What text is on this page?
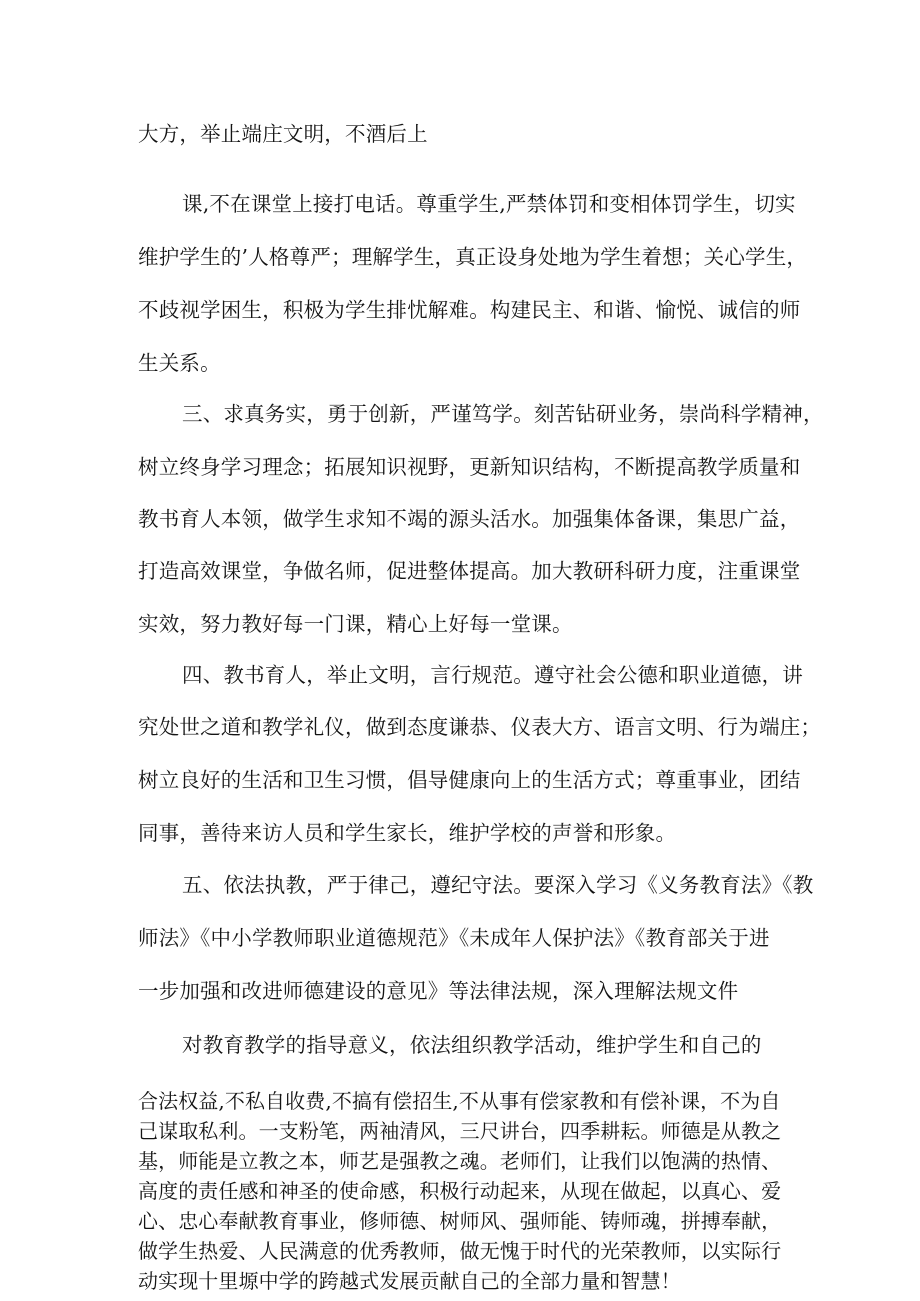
大方，举止端庄文明，不酒后上
课,不在课堂上接打电话。尊重学生,严禁体罚和变相体罚学生，切实
维护学生的’人格尊严；理解学生，真正设身处地为学生着想；关心学生，
不歧视学困生，积极为学生排忧解难。构建民主、和谐、愉悦、诚信的师
生关系。
三、求真务实，勇于创新，严谨笃学。刻苦钻研业务，崇尚科学精神，
树立终身学习理念；拓展知识视野，更新知识结构，不断提高教学质量和
教书育人本领，做学生求知不竭的源头活水。加强集体备课，集思广益，
打造高效课堂，争做名师，促进整体提高。加大教研科研力度，注重课堂
实效，努力教好每一门课，精心上好每一堂课。
四、教书育人，举止文明，言行规范。遵守社会公德和职业道德，讲
究处世之道和教学礼仪，做到态度谦恭、仪表大方、语言文明、行为端庄；
树立良好的生活和卫生习惯，倡导健康向上的生活方式；尊重事业，团结
同事，善待来访人员和学生家长，维护学校的声誉和形象。
五、依法执教，严于律己，遵纪守法。要深入学习《义务教育法》《教
师法》《中小学教师职业道德规范》《未成年人保护法》《教育部关于进
一步加强和改进师德建设的意见》等法律法规，深入理解法规文件
对教育教学的指导意义，依法组织教学活动，维护学生和自己的
合法权益,不私自收费,不搞有偿招生,不从事有偿家教和有偿补课，不为自
己谋取私利。一支粉笔，两袖清风，三尺讲台，四季耕耘。师德是从教之
基，师能是立教之本，师艺是强教之魂。老师们，让我们以饱满的热情、
高度的责任感和神圣的使命感，积极行动起来，从现在做起，以真心、爱
心、忠心奉献教育事业，修师德、树师风、强师能、铸师魂，拼搏奉献，
做学生热爱、人民满意的优秀教师，做无愧于时代的光荣教师，以实际行
动实现十里塬中学的跨越式发展贡献自己的全部力量和智慧！
